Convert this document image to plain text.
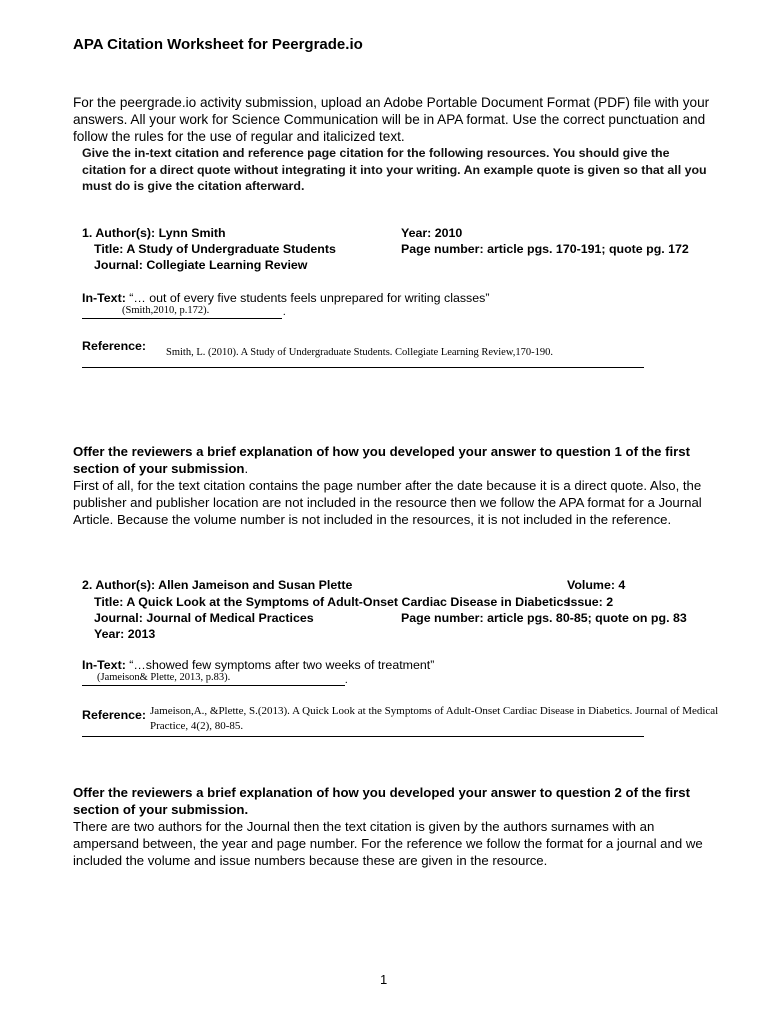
APA Citation Worksheet for Peergrade.io
For the peergrade.io activity submission, upload an Adobe Portable Document Format (PDF) file with your answers. All your work for Science Communication will be in APA format. Use the correct punctuation and follow the rules for the use of regular and italicized text.
Give the in-text citation and reference page citation for the following resources. You should give the citation for a direct quote without integrating it into your writing. An example quote is given so that all you must do is give the citation afterward.
1. Author(s): Lynn Smith
Title: A Study of Undergraduate Students
Journal: Collegiate Learning Review
Year: 2010
Page number: article pgs. 170-191; quote pg. 172
In-Text: “… out of every five students feels unprepared for writing classes”
(Smith,2010, p.172).	.
Reference: Smith, L. (2010). A Study of Undergraduate Students. Collegiate Learning Review,170-190.
Offer the reviewers a brief explanation of how you developed your answer to question 1 of the first section of your submission.
First of all, for the text citation contains the page number after the date because it is a direct quote. Also, the publisher and publisher location are not included in the resource then we follow the APA format for a Journal Article. Because the volume number is not included in the resources, it is not included in the reference.
2. Author(s): Allen Jameison and Susan Plette
Title: A Quick Look at the Symptoms of Adult-Onset Cardiac Disease in Diabetics
Journal: Journal of Medical Practices
Year: 2013
Volume: 4
Issue: 2
Page number: article pgs. 80-85; quote on pg. 83
In-Text: “…showed few symptoms after two weeks of treatment”
(Jameison& Plette, 2013, p.83).	.
Reference: Jameison,A., &Plette, S.(2013). A Quick Look at the Symptoms of Adult-Onset Cardiac Disease in Diabetics. Journal of Medical
Practice, 4(2), 80-85.
Offer the reviewers a brief explanation of how you developed your answer to question 2 of the first section of your submission.
There are two authors for the Journal then the text citation is given by the authors surnames with an ampersand between, the year and page number. For the reference we follow the format for a journal and we included the volume and issue numbers because these are given in the resource.
1
